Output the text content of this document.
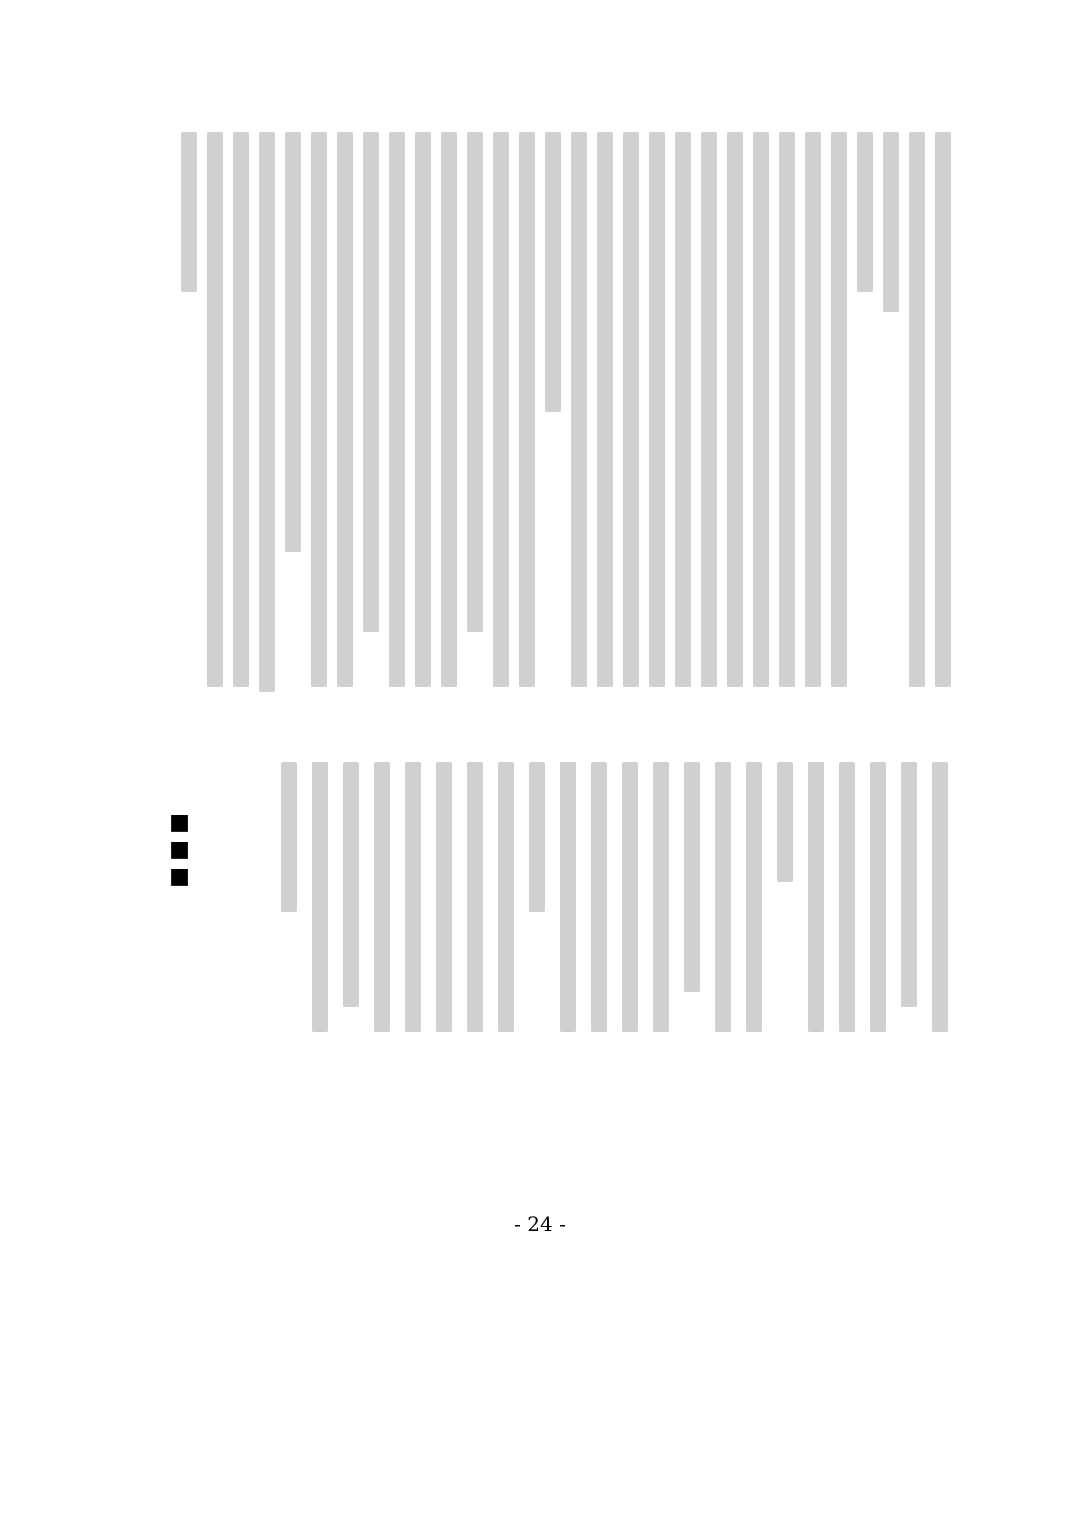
■■■
- 24 -
